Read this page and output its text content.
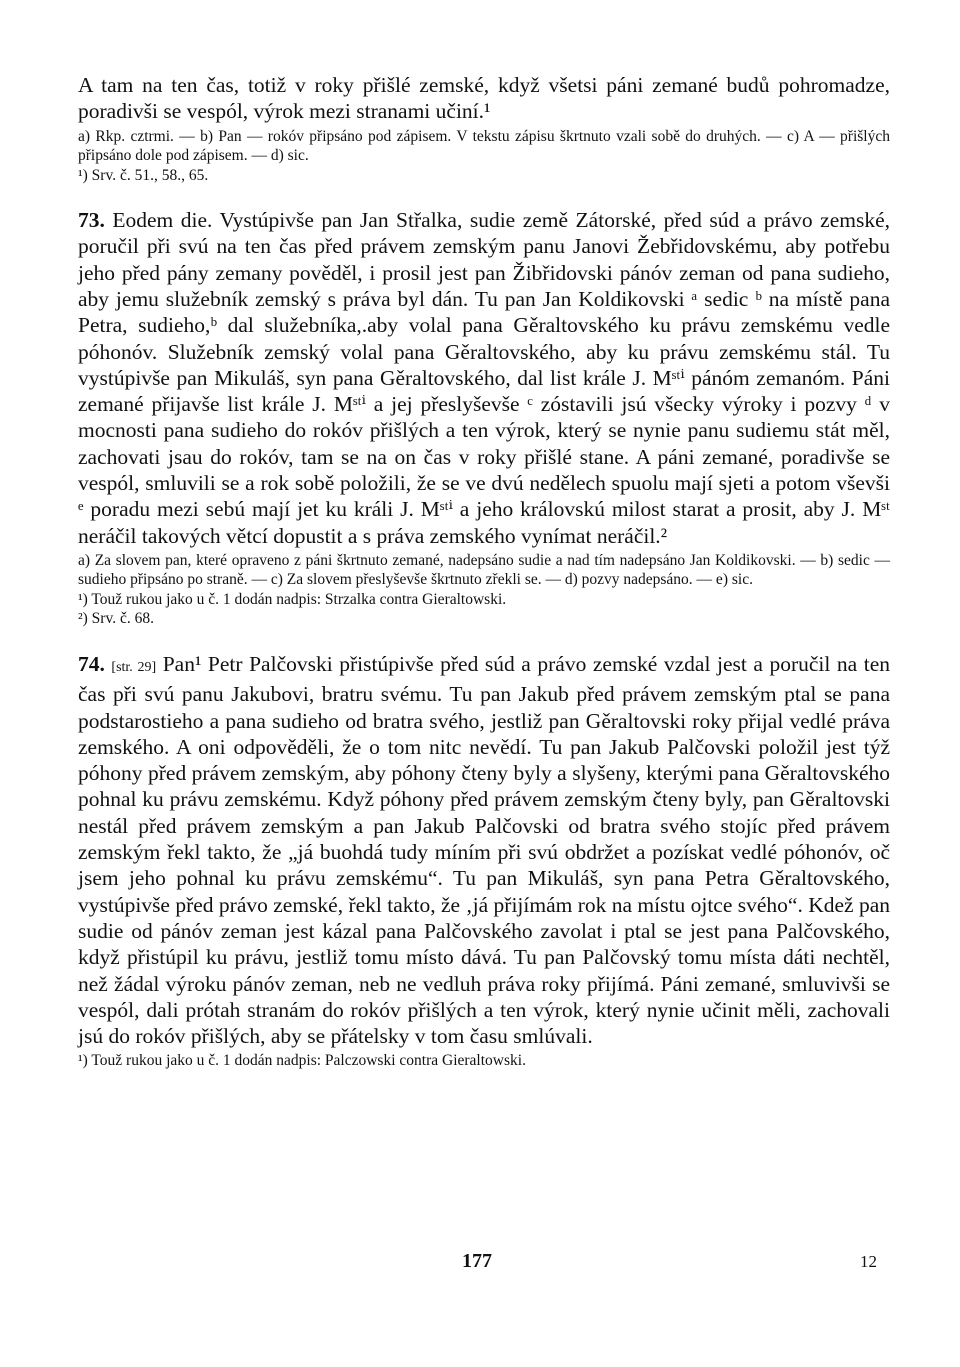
A tam na ten čas, totiž v roky přišlé zemské, když všetsi páni zemané budů pohromadze, poradivši se vespól, výrok mezi stranami učiní.¹

a) Rkp. cztrmi. — b) Pan — rokóv připsáno pod zápisem. V tekstu zápisu škrtnuto vzali sobě do druhých. — c) A — přišlých připsáno dole pod zápisem. — d) sic.

¹) Srv. č. 51., 58., 65.

73. Eodem die. Vystúpivše pan Jan Střalka, sudie země Zátorské, před súd a právo zemské, poručil při svú na ten čas před právem zemským panu Janovi Žebřidovskému, aby potřebu jeho před pány zemany pověděl, i prosil jest pan Žibřidovski pánóv zeman od pana sudieho, aby jemu služebník zemský s práva byl dán. Tu pan Jan Koldikovski ᵃ sedic ᵇ na místě pana Petra, sudieho,ᵇ dal služebníka,.aby volal pana Gěraltovského ku právu zemskému vedle póhonóv. Služebník zemský volal pana Gěraltovského, aby ku právu zemskému stál. Tu vystúpivše pan Mikuláš, syn pana Gěraltovského, dal list krále J. Mˢᵗⁱ pánóm zemanóm. Páni zemané přijavše list krále J. Mˢᵗⁱ a jej přeslyševše ᶜ zóstavili jsú všecky výroky i pozvy ᵈ v mocnosti pana sudieho do rokóv přišlých a ten výrok, který se nynie panu sudiemu stát měl, zachovati jsau do rokóv, tam se na on čas v roky přišlé stane. A páni zemané, poradivše se vespól, smluvili se a rok sobě položili, že se ve dvú nedělech spuolu mají sjeti a potom vševši ᵉ poradu mezi sebú mají jet ku králi J. Mˢᵗⁱ a jeho královskú milost starat a prosit, aby J. Mˢᵗ neráčil takových větcí dopustit a s práva zemského vynímat neráčil.²

a) Za slovem pan, které opraveno z páni škrtnuto zemané, nadepsáno sudie a nad tím nadepsáno Jan Koldikovski. — b) sedic — sudieho připsáno po straně. — c) Za slovem přeslyševše škrtnuto zřekli se. — d) pozvy nadepsáno. — e) sic.

¹) Touž rukou jako u č. 1 dodán nadpis: Strzalka contra Gieraltowski.

²) Srv. č. 68.

74. [str. 29] Pan¹ Petr Palčovski přistúpivše před súd a právo zemské vzdal jest a poručil na ten čas při svú panu Jakubovi, bratru svému. Tu pan Jakub před právem zemským ptal se pana podstarostieho a pana sudieho od bratra svého, jestliž pan Gěraltovski roky přijal vedlé práva zemského. A oni odpověděli, že o tom nitc nevědí. Tu pan Jakub Palčovski položil jest týž póhony před právem zemským, aby póhony čteny byly a slyšeny, kterými pana Gěraltovského pohnal ku právu zemskému. Když póhony před právem zemským čteny byly, pan Gěraltovski nestál před právem zemským a pan Jakub Palčovski od bratra svého stojíc před právem zemským řekl takto, že „já buohdá tudy míním při svú obdržet a pozískat vedlé póhonóv, oč jsem jeho pohnal ku právu zemskému“. Tu pan Mikuláš, syn pana Petra Gěraltovského, vystúpivše před právo zemské, řekl takto, že ‚já přijímám rok na místu ojtce svého“. Kdež pan sudie od pánóv zeman jest kázal pana Palčovského zavolat i ptal se jest pana Palčovského, když přistúpil ku právu, jestliž tomu místo dává. Tu pan Palčovský tomu místa dáti nechtěl, než žádal výroku pánóv zeman, neb ne vedluh práva roky přijímá. Páni zemané, smluvivši se vespól, dali prótah stranám do rokóv přišlých a ten výrok, který nynie učinit měli, zachovali jsú do rokóv přišlých, aby se přátelsky v tom času smlúvali.

¹) Touž rukou jako u č. 1 dodán nadpis: Palczowski contra Gieraltowski.

177	12
